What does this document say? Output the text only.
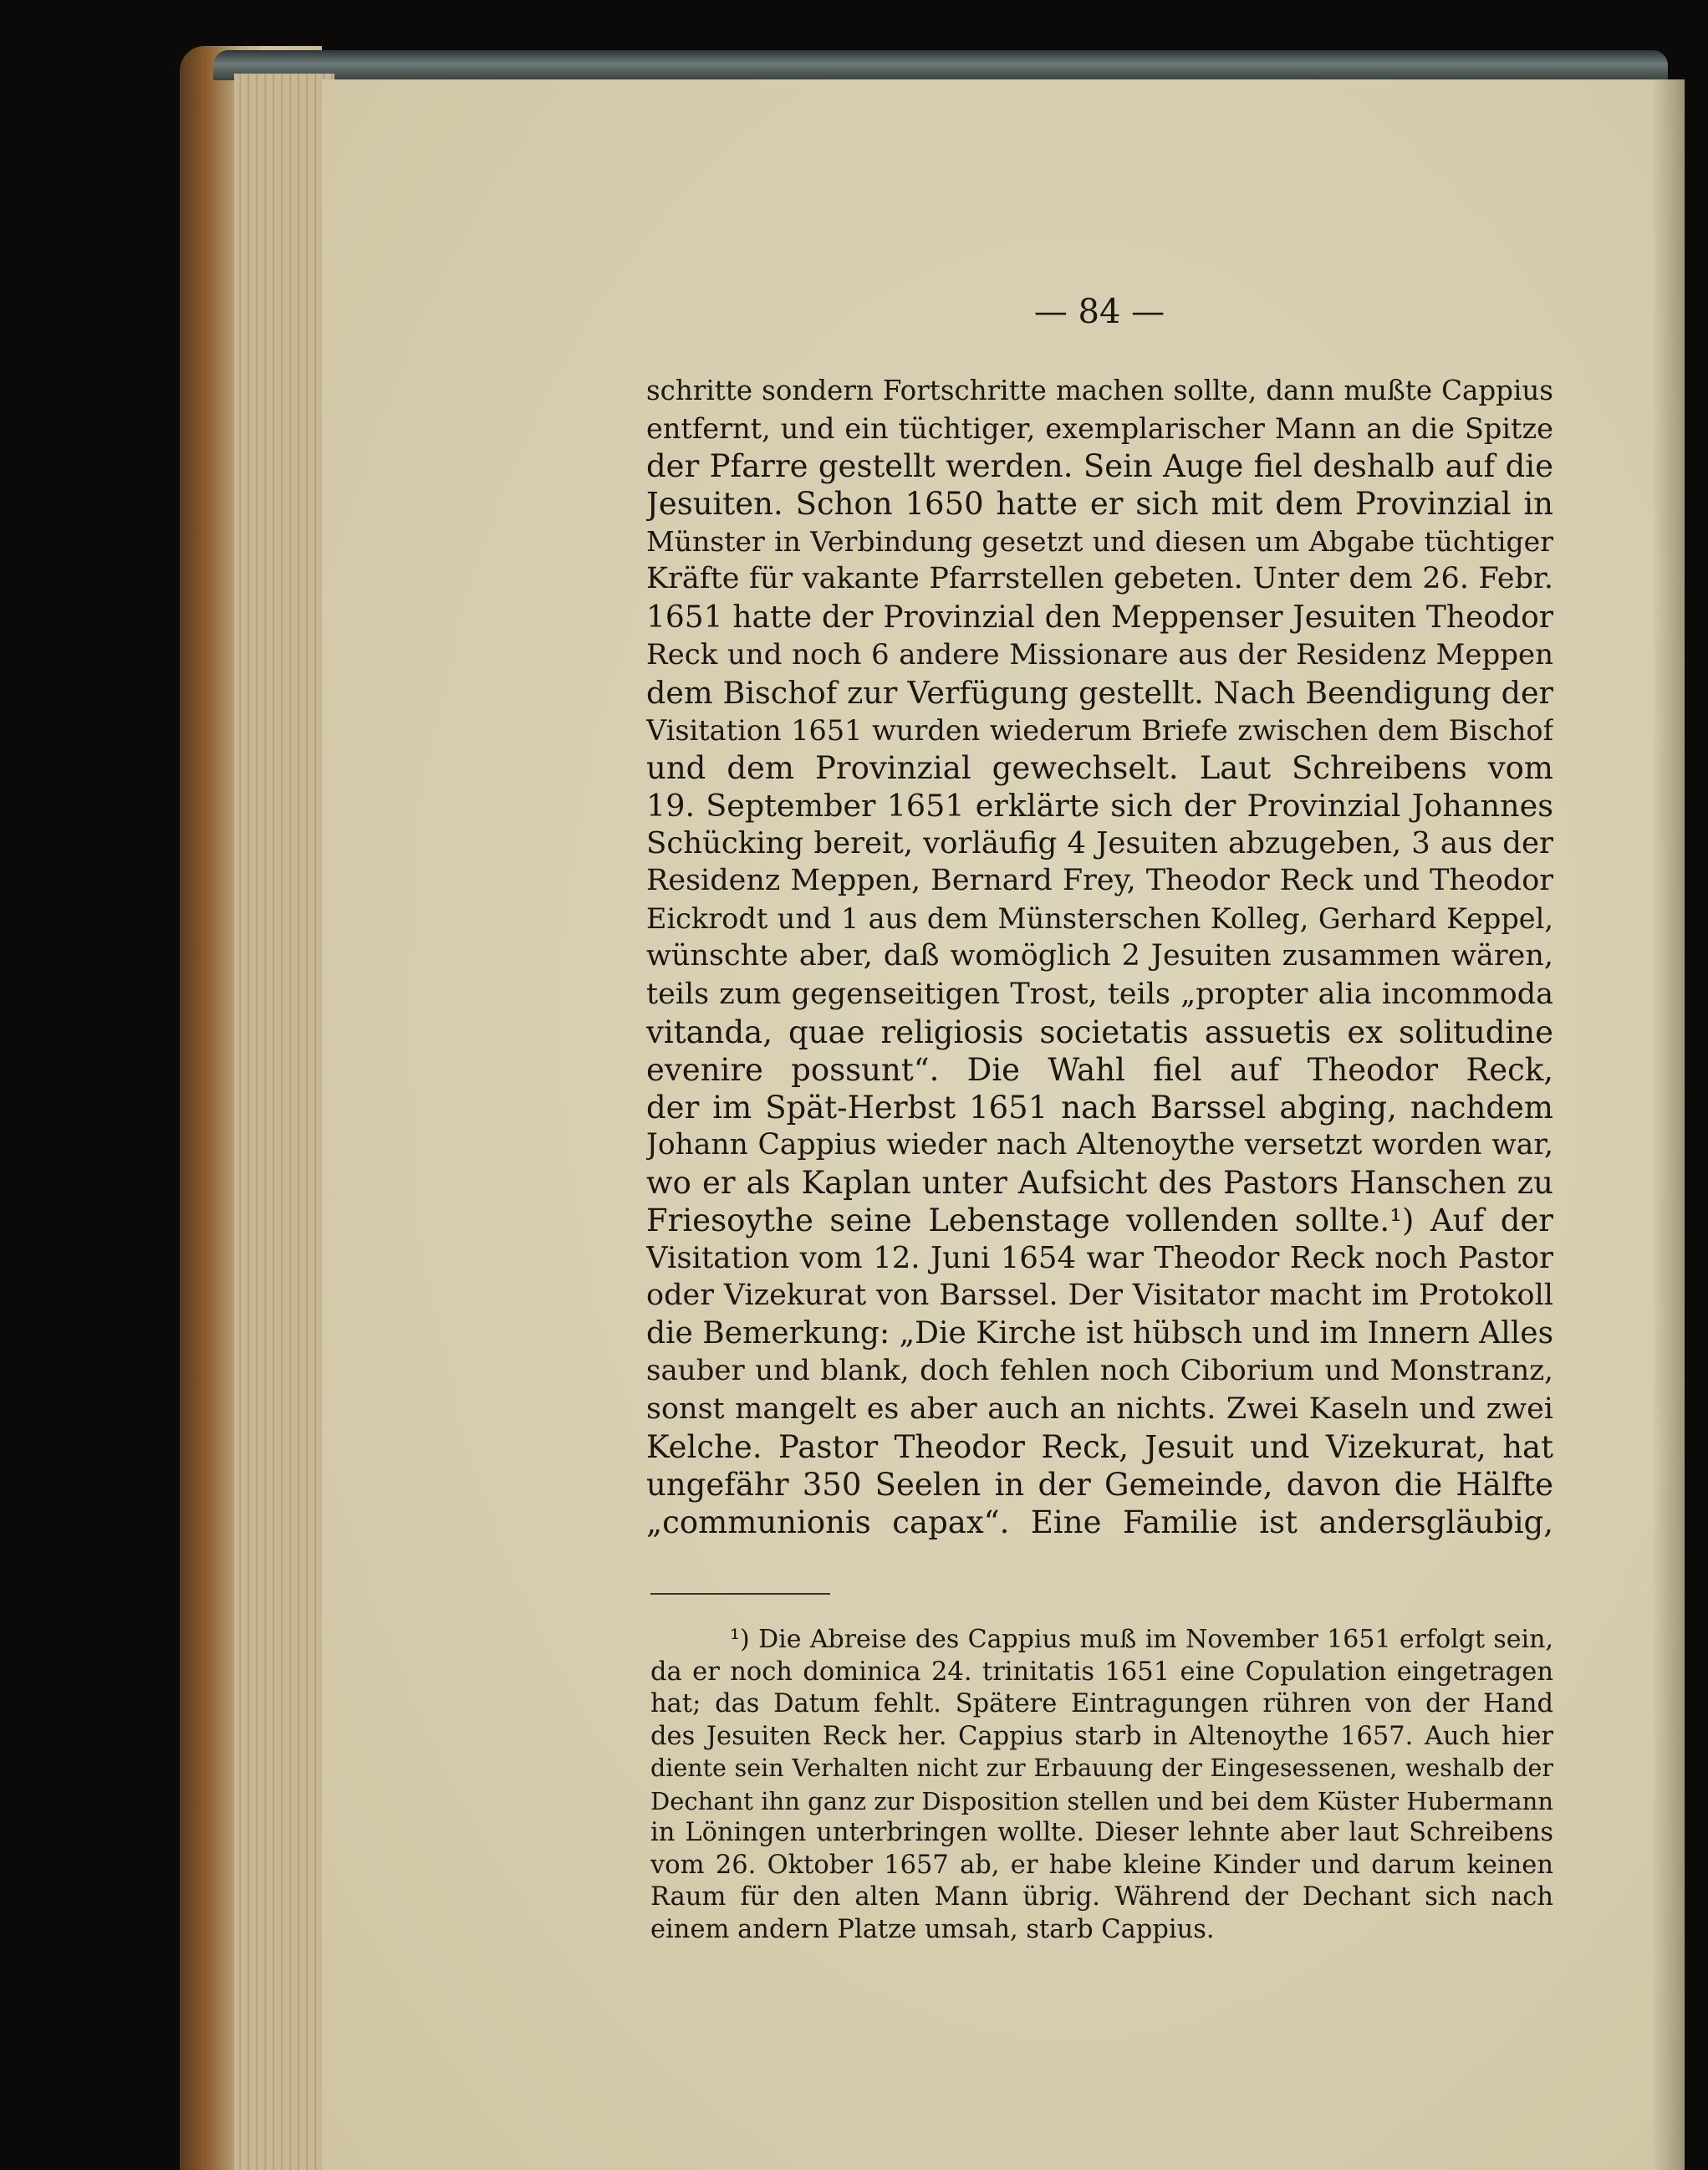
— 84 —
schritte sondern Fortschritte machen sollte, dann mußte Cappius
entfernt, und ein tüchtiger, exemplarischer Mann an die Spitze
der Pfarre gestellt werden. Sein Auge fiel deshalb auf die
Jesuiten. Schon 1650 hatte er sich mit dem Provinzial in
Münster in Verbindung gesetzt und diesen um Abgabe tüchtiger
Kräfte für vakante Pfarrstellen gebeten. Unter dem 26. Febr.
1651 hatte der Provinzial den Meppenser Jesuiten Theodor
Reck und noch 6 andere Missionare aus der Residenz Meppen
dem Bischof zur Verfügung gestellt. Nach Beendigung der
Visitation 1651 wurden wiederum Briefe zwischen dem Bischof
und dem Provinzial gewechselt. Laut Schreibens vom
19. September 1651 erklärte sich der Provinzial Johannes
Schücking bereit, vorläufig 4 Jesuiten abzugeben, 3 aus der
Residenz Meppen, Bernard Frey, Theodor Reck und Theodor
Eickrodt und 1 aus dem Münsterschen Kolleg, Gerhard Keppel,
wünschte aber, daß womöglich 2 Jesuiten zusammen wären,
teils zum gegenseitigen Trost, teils „propter alia incommoda
vitanda, quae religiosis societatis assuetis ex solitudine
evenire possunt“. Die Wahl fiel auf Theodor Reck,
der im Spät-Herbst 1651 nach Barssel abging, nachdem
Johann Cappius wieder nach Altenoythe versetzt worden war,
wo er als Kaplan unter Aufsicht des Pastors Hanschen zu
Friesoythe seine Lebenstage vollenden sollte.¹) Auf der
Visitation vom 12. Juni 1654 war Theodor Reck noch Pastor
oder Vizekurat von Barssel. Der Visitator macht im Protokoll
die Bemerkung: „Die Kirche ist hübsch und im Innern Alles
sauber und blank, doch fehlen noch Ciborium und Monstranz,
sonst mangelt es aber auch an nichts. Zwei Kaseln und zwei
Kelche. Pastor Theodor Reck, Jesuit und Vizekurat, hat
ungefähr 350 Seelen in der Gemeinde, davon die Hälfte
„communionis capax“. Eine Familie ist andersgläubig,
¹) Die Abreise des Cappius muß im November 1651 erfolgt sein,
da er noch dominica 24. trinitatis 1651 eine Copulation eingetragen
hat; das Datum fehlt. Spätere Eintragungen rühren von der Hand
des Jesuiten Reck her. Cappius starb in Altenoythe 1657. Auch hier
diente sein Verhalten nicht zur Erbauung der Eingesessenen, weshalb der
Dechant ihn ganz zur Disposition stellen und bei dem Küster Hubermann
in Löningen unterbringen wollte. Dieser lehnte aber laut Schreibens
vom 26. Oktober 1657 ab, er habe kleine Kinder und darum keinen
Raum für den alten Mann übrig. Während der Dechant sich nach
einem andern Platze umsah, starb Cappius.
